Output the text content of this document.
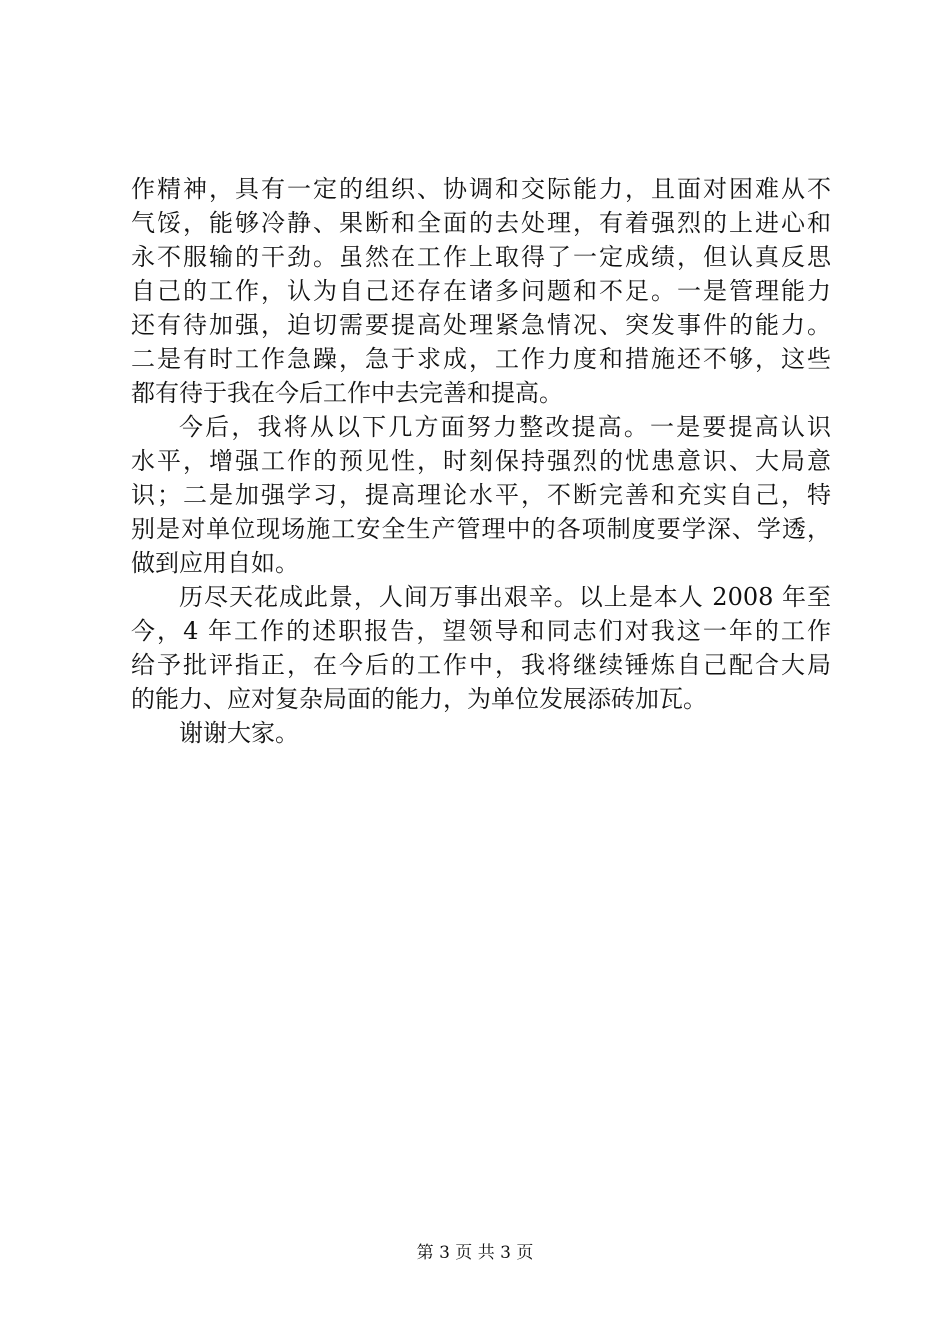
作精神，具有一定的组织、协调和交际能力，且面对困难从不
气馁，能够冷静、果断和全面的去处理，有着强烈的上进心和
永不服输的干劲。虽然在工作上取得了一定成绩，但认真反思
自己的工作，认为自己还存在诸多问题和不足。一是管理能力
还有待加强，迫切需要提高处理紧急情况、突发事件的能力。
二是有时工作急躁，急于求成，工作力度和措施还不够，这些
都有待于我在今后工作中去完善和提高。
今后，我将从以下几方面努力整改提高。一是要提高认识
水平，增强工作的预见性，时刻保持强烈的忧患意识、大局意
识；二是加强学习，提高理论水平，不断完善和充实自己，特
别是对单位现场施工安全生产管理中的各项制度要学深、学透，
做到应用自如。
历尽天花成此景，人间万事出艰辛。以上是本人 2008 年至
今，4 年工作的述职报告，望领导和同志们对我这一年的工作
给予批评指正，在今后的工作中，我将继续锤炼自己配合大局
的能力、应对复杂局面的能力，为单位发展添砖加瓦。
谢谢大家。
第 3 页 共 3 页
